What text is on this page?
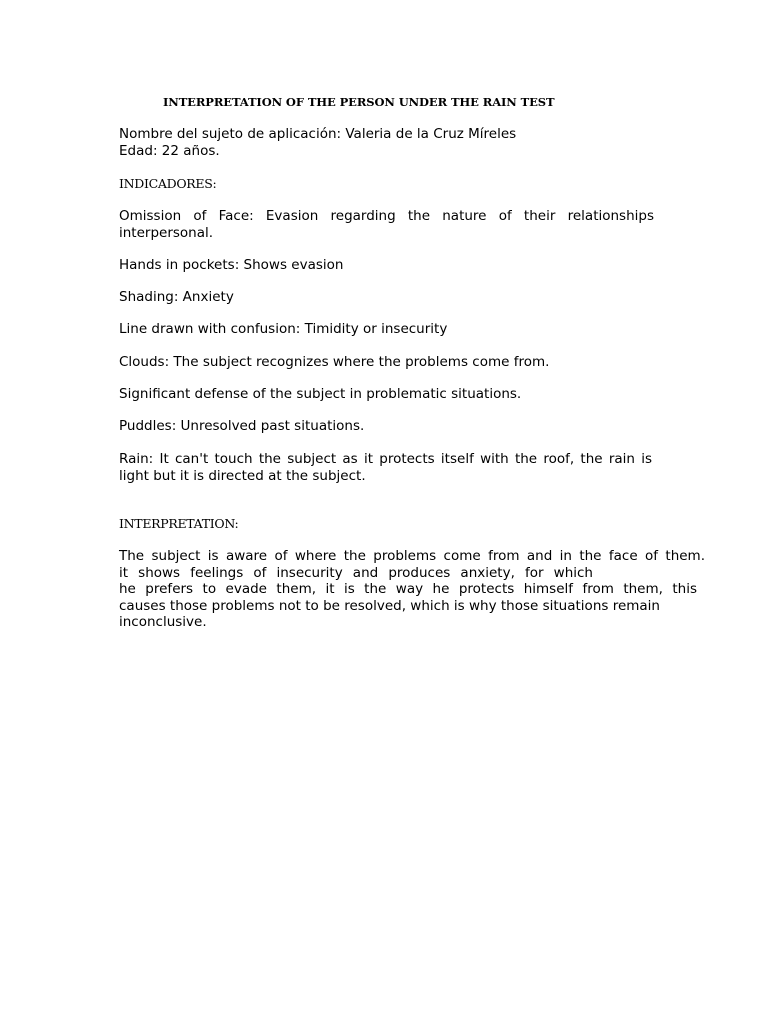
INTERPRETATION OF THE PERSON UNDER THE RAIN TEST
Nombre del sujeto de aplicación: Valeria de la Cruz Míreles
Edad: 22 años.
INDICADORES:
Omission of Face: Evasion regarding the nature of their relationships
interpersonal.
Hands in pockets: Shows evasion
Shading: Anxiety
Line drawn with confusion: Timidity or insecurity
Clouds: The subject recognizes where the problems come from.
Significant defense of the subject in problematic situations.
Puddles: Unresolved past situations.
Rain: It can't touch the subject as it protects itself with the roof, the rain is
light but it is directed at the subject.
INTERPRETATION:
The subject is aware of where the problems come from and in the face of them.
it shows feelings of insecurity and produces anxiety, for which
he prefers to evade them, it is the way he protects himself from them, this
causes those problems not to be resolved, which is why those situations remain
inconclusive.
